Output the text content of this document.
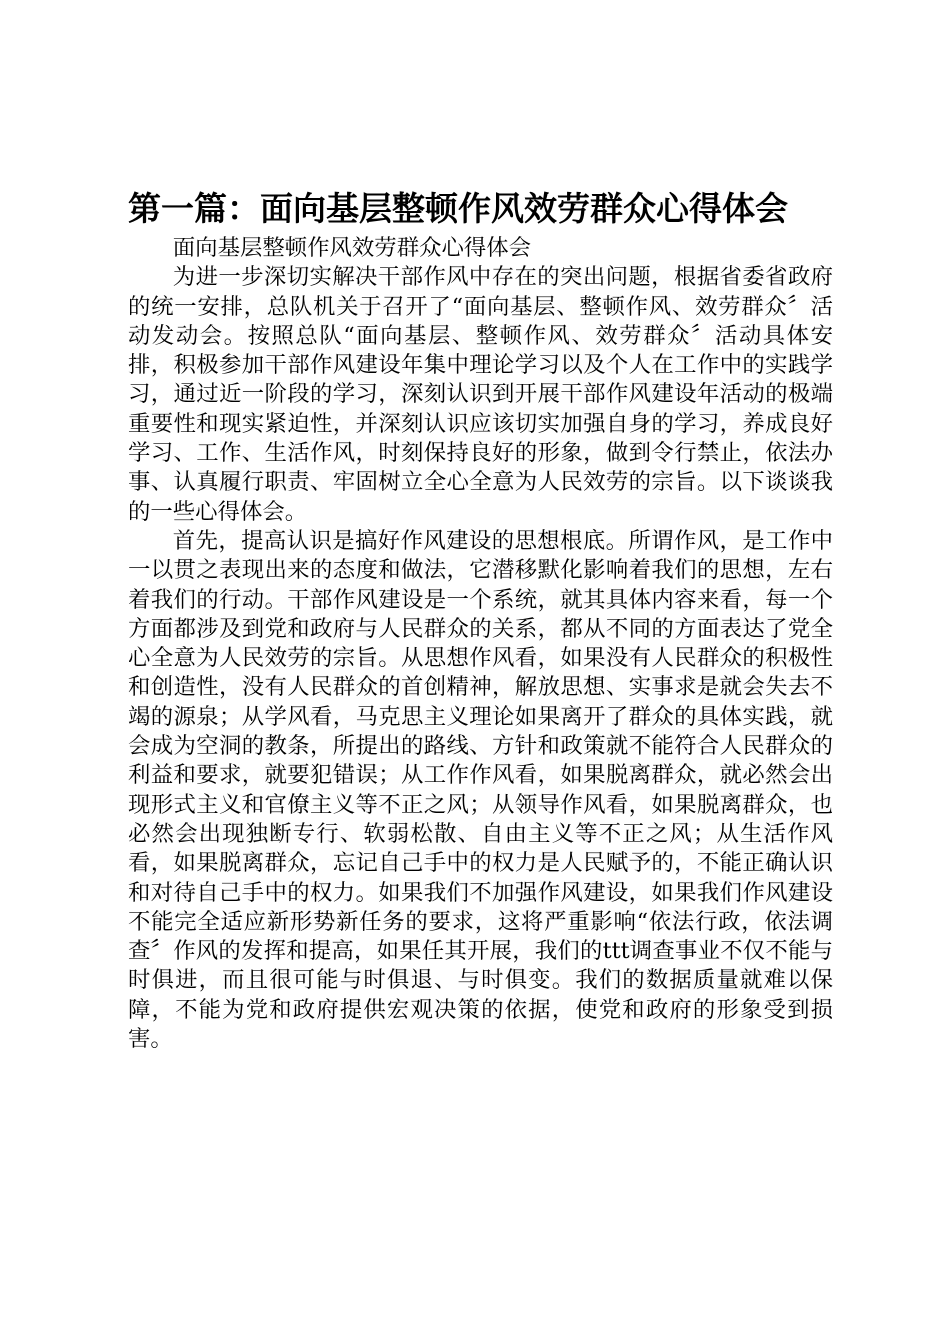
第一篇：面向基层整顿作风效劳群众心得体会

面向基层整顿作风效劳群众心得体会

为进一步深切实解决干部作风中存在的突出问题，根据省委省政府的统一安排，总队机关于召开了“面向基层、整顿作风、效劳群众〞活动发动会。按照总队“面向基层、整顿作风、效劳群众〞活动具体安排，积极参加干部作风建设年集中理论学习以及个人在工作中的实践学习，通过近一阶段的学习，深刻认识到开展干部作风建设年活动的极端重要性和现实紧迫性，并深刻认识应该切实加强自身的学习，养成良好学习、工作、生活作风，时刻保持良好的形象，做到令行禁止，依法办事、认真履行职责、牢固树立全心全意为人民效劳的宗旨。以下谈谈我的一些心得体会。

首先，提高认识是搞好作风建设的思想根底。所谓作风，是工作中一以贯之表现出来的态度和做法，它潜移默化影响着我们的思想，左右着我们的行动。干部作风建设是一个系统，就其具体内容来看，每一个方面都涉及到党和政府与人民群众的关系，都从不同的方面表达了党全心全意为人民效劳的宗旨。从思想作风看，如果没有人民群众的积极性和创造性，没有人民群众的首创精神，解放思想、实事求是就会失去不竭的源泉；从学风看，马克思主义理论如果离开了群众的具体实践，就会成为空洞的教条，所提出的路线、方针和政策就不能符合人民群众的利益和要求，就要犯错误；从工作作风看，如果脱离群众，就必然会出现形式主义和官僚主义等不正之风；从领导作风看，如果脱离群众，也必然会出现独断专行、软弱松散、自由主义等不正之风；从生活作风看，如果脱离群众，忘记自己手中的权力是人民赋予的，不能正确认识和对待自己手中的权力。如果我们不加强作风建设，如果我们作风建设不能完全适应新形势新任务的要求，这将严重影响“依法行政，依法调查〞作风的发挥和提高，如果任其开展，我们的ttt调查事业不仅不能与时俱进，而且很可能与时俱退、与时俱变。我们的数据质量就难以保障，不能为党和政府提供宏观决策的依据，使党和政府的形象受到损害。
